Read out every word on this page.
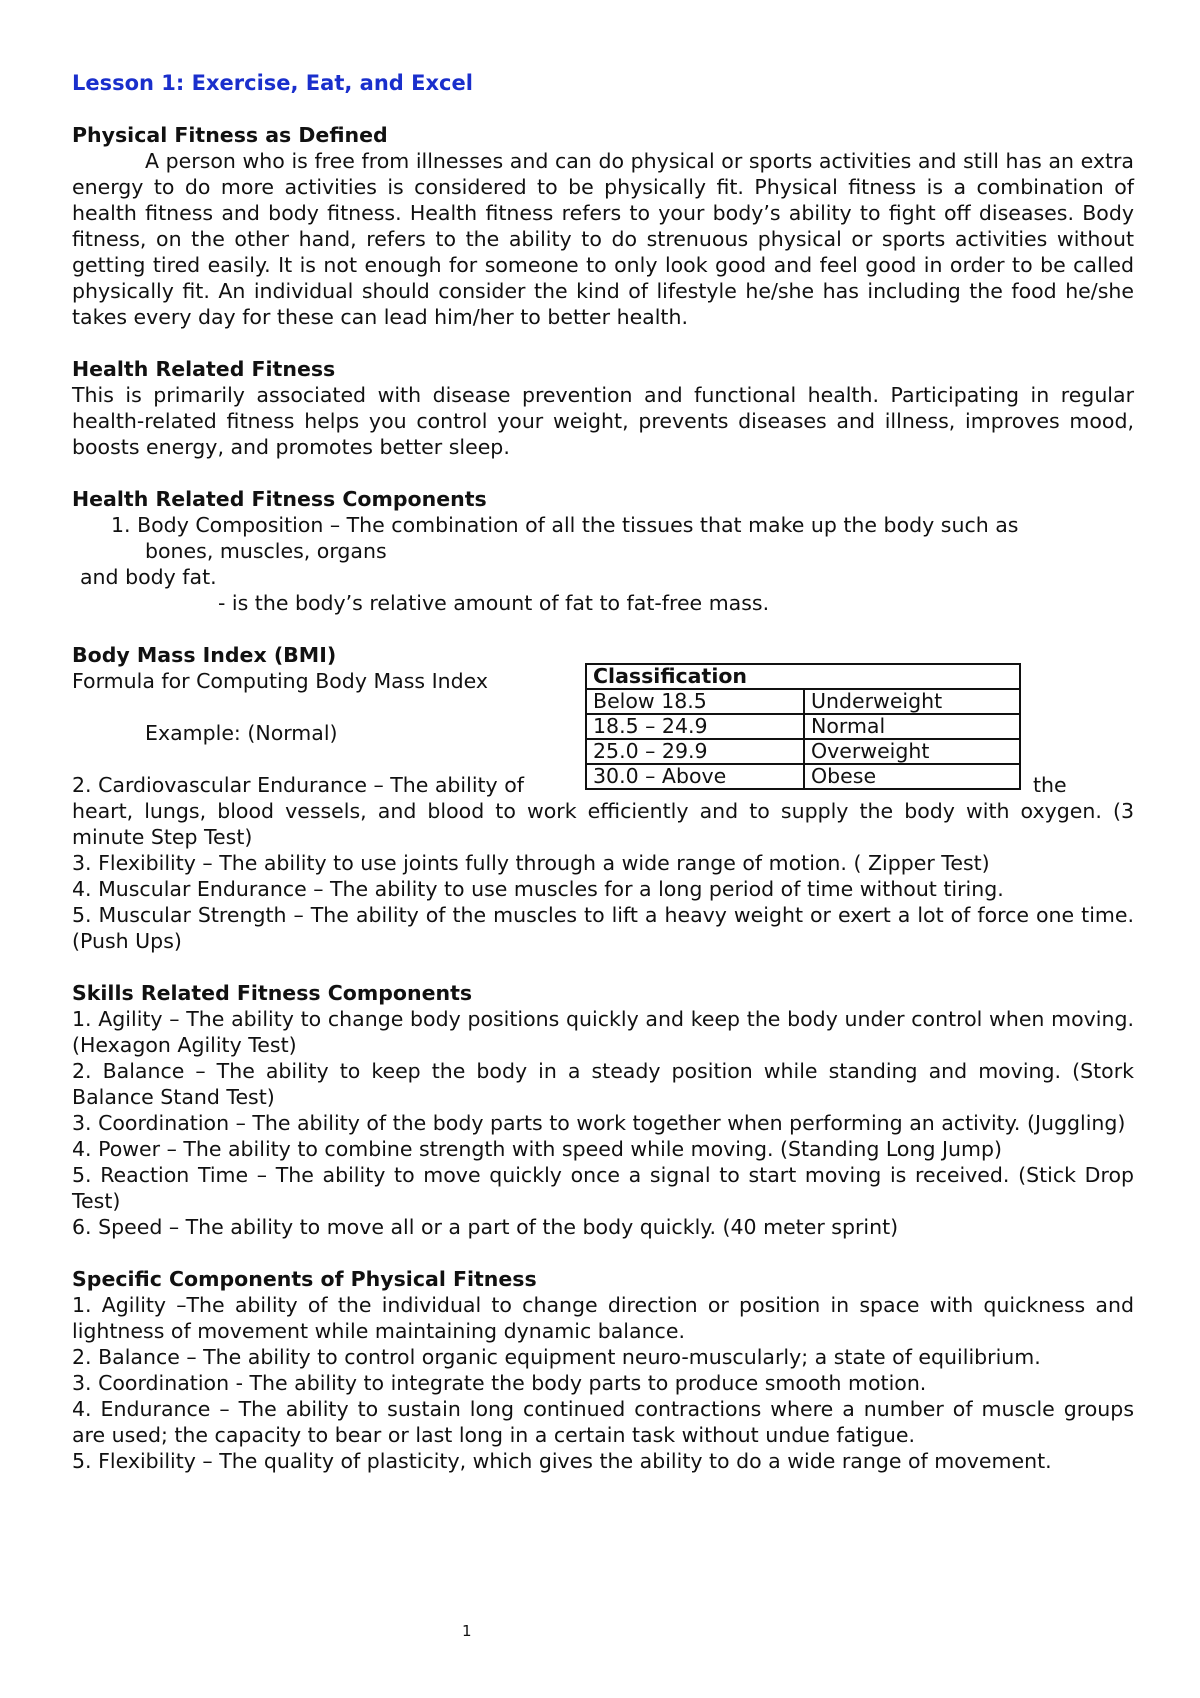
Lesson 1: Exercise, Eat, and Excel
Physical Fitness as Defined

A person who is free from illnesses and can do physical or sports activities and still has an extra energy to do more activities is considered to be physically fit. Physical fitness is a combination of health fitness and body fitness. Health fitness refers to your body’s ability to fight off diseases. Body fitness, on the other hand, refers to the ability to do strenuous physical or sports activities without getting tired easily. It is not enough for someone to only look good and feel good in order to be called physically fit. An individual should consider the kind of lifestyle he/she has including the food he/she takes every day for these can lead him/her to better health.

Health Related Fitness

This is primarily associated with disease prevention and functional health. Participating in regular health-related fitness helps you control your weight, prevents diseases and illness, improves mood, boosts energy, and promotes better sleep.

Health Related Fitness Components

1. Body Composition – The combination of all the tissues that make up the body such as

bones, muscles, organs

and body fat.

- is the body’s relative amount of fat to fat-free mass.

Body Mass Index (BMI)

Formula for Computing Body Mass Index

Example: (Normal)

Classification	
Below 18.5	Underweight
18.5 – 24.9	Normal
25.0 – 29.9	Overweight
30.0 – Above	Obese
2. Cardiovascular Endurance – The ability of	the

heart, lungs, blood vessels, and blood to work efficiently and to supply the body with oxygen. (3 minute Step Test)

3. Flexibility – The ability to use joints fully through a wide range of motion. ( Zipper Test)

4. Muscular Endurance – The ability to use muscles for a long period of time without tiring.

5. Muscular Strength – The ability of the muscles to lift a heavy weight or exert a lot of force one time. (Push Ups)

Skills Related Fitness Components

1. Agility – The ability to change body positions quickly and keep the body under control when moving. (Hexagon Agility Test)

2. Balance – The ability to keep the body in a steady position while standing and moving. (Stork Balance Stand Test)

3. Coordination – The ability of the body parts to work together when performing an activity. (Juggling)

4. Power – The ability to combine strength with speed while moving. (Standing Long Jump)

5. Reaction Time – The ability to move quickly once a signal to start moving is received. (Stick Drop Test)

6. Speed – The ability to move all or a part of the body quickly. (40 meter sprint)

Specific Components of Physical Fitness

1. Agility –The ability of the individual to change direction or position in space with quickness and lightness of movement while maintaining dynamic balance.

2. Balance – The ability to control organic equipment neuro-muscularly; a state of equilibrium.

3. Coordination - The ability to integrate the body parts to produce smooth motion.

4. Endurance – The ability to sustain long continued contractions where a number of muscle groups are used; the capacity to bear or last long in a certain task without undue fatigue.

5. Flexibility – The quality of plasticity, which gives the ability to do a wide range of movement.

1
